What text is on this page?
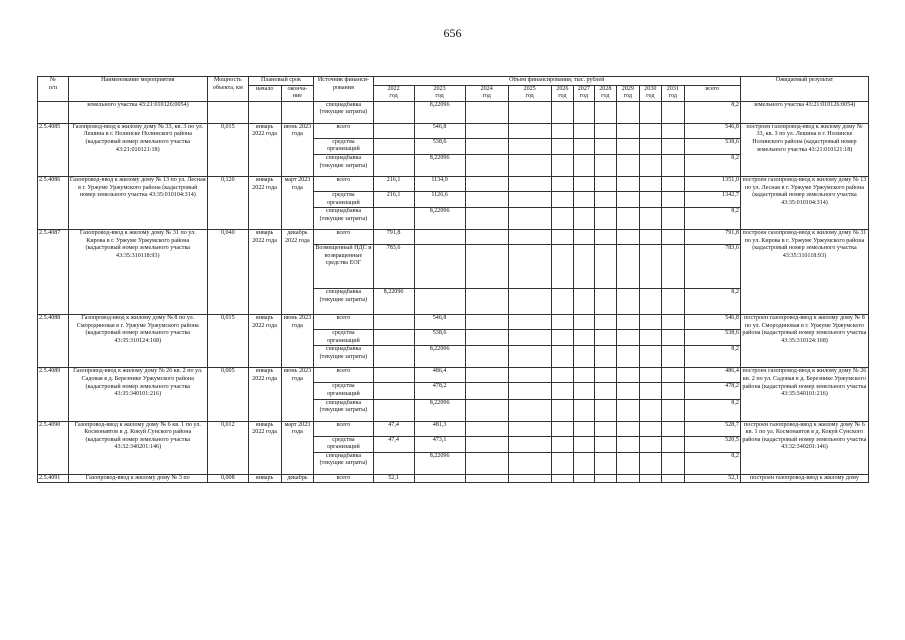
656
№
п/п	Наименование мероприятия	Мощность объекта, км	Плановый срок		Источник финанси-
рования	Объем финансирования, тыс. рублей											Ожидаемый результат
			начало	оконча-
ние		2022
год	2023
год	2024
год	2025
год	2026
год	2027
год	2028
год	2029
год	2030
год	2031
год	всего	

	земельного участка 43:21:010126:0054)				спецнадбавка (текущие затраты)		8,22096									8,2	земельного участка 43:21:010126:0054)
2.5.4085	Газопровод-ввод к жилому дому № 33, кв. 3 по ул. Лешина в г. Нолинске Нолинского района (кадастровый номер земельного участка 43:21:010121:18)	0,015	январь 2022 года	июнь 2023 года	всего		546,8									546,8	построен газопровод-ввод к жилому дому № 33, кв. 3 по ул. Лешина в г. Нолинске Нолинского района (кадастровый номер земельного участка 43:21:010121:18)
					средства организаций		538,6									538,6	
					спецнадбавка (текущие затраты)		8,22096									8,2	
2.5.4086	Газопровод-ввод к жилому дому № 13 по ул. Лесная в г. Уржуме Уржумского района (кадастровый номер земельного участка 43:35:010104:314)	0,120	январь 2022 года	март 2023 года	всего	216,1	1134,9									1351,0	построен газопровод-ввод к жилому дому № 13 по ул. Лесная в г. Уржуме Уржумского района (кадастровый номер земельного участка 43:35:010104:314)
					средства организаций	216,1	1126,6									1342,7	
					спецнадбавка (текущие затраты)		8,22096									8,2	
2.5.4087	Газопровод-ввод к жилому дому № 31 по ул. Кирова в г. Уржуме Уржумского района (кадастровый номер земельного участка 43:35:310118:93)	0,040	январь 2022 года	декабрь 2022 года	всего	791,8										791,8	построен газопровод-ввод к жилому дому № 31 по ул. Кирова в г. Уржуме Уржумского района (кадастровый номер земельного участка 43:35:310118:93)
					Возмещенный НДС и возвращенные средства ЕОГ	783,6										783,6	
					спецнадбавка (текущие затраты)	8,22096										8,2	
2.5.4088	Газопровод-ввод к жилому дому № 8 по ул. Смородиновая в г. Уржуме Уржумского района (кадастровый номер земельного участка 43:35:310124:168)	0,015	январь 2022 года	июнь 2023 года	всего		546,8									546,8	построен газопровод-ввод к жилому дому № 8 по ул. Смородиновая в г. Уржуме Уржумского района (кадастровый номер земельного участка 43:35:310124:168)
					средства организаций		538,6									538,6	
					спецнадбавка (текущие затраты)		8,22096									8,2	
2.5.4089	Газопровод-ввод к жилому дому № 26 кв. 2 по ул. Садовая в д. Березнике Уржумского района (кадастровый номер земельного участка 43:35:340101:216)	0,005	январь 2022 года	июнь 2023 года	всего		486,4									486,4	построен газопровод-ввод к жилому дому № 26 кв. 2 по ул. Садовая в д. Березнике Уржумского района (кадастровый номер земельного участка 43:35:340101:216)
					средства организаций		478,2									478,2	
					спецнадбавка (текущие затраты)		8,22096									8,2	
2.5.4090	Газопровод-ввод к жилому дому № 6 кв. 1 по ул. Космонавтов в д. Кокуй Сунского района (кадастровый номер земельного участка 43:32:340201:146)	0,012	январь 2022 года	март 2023 года	всего	47,4	481,3									528,7	построен газопровод-ввод к жилому дому № 6 кв. 1 по ул. Космонавтов в д. Кокуй Сунского района (кадастровый номер земельного участка 43:32:340201:146)
					средства организаций	47,4	473,1									520,5	
					спецнадбавка (текущие затраты)		8,22096									8,2	
2.5.4091	Газопровод-ввод к жилому дому № 3 по	0,008	январь	декабрь	всего	52,1										52,1	построен газопровод-ввод к жилому дому
